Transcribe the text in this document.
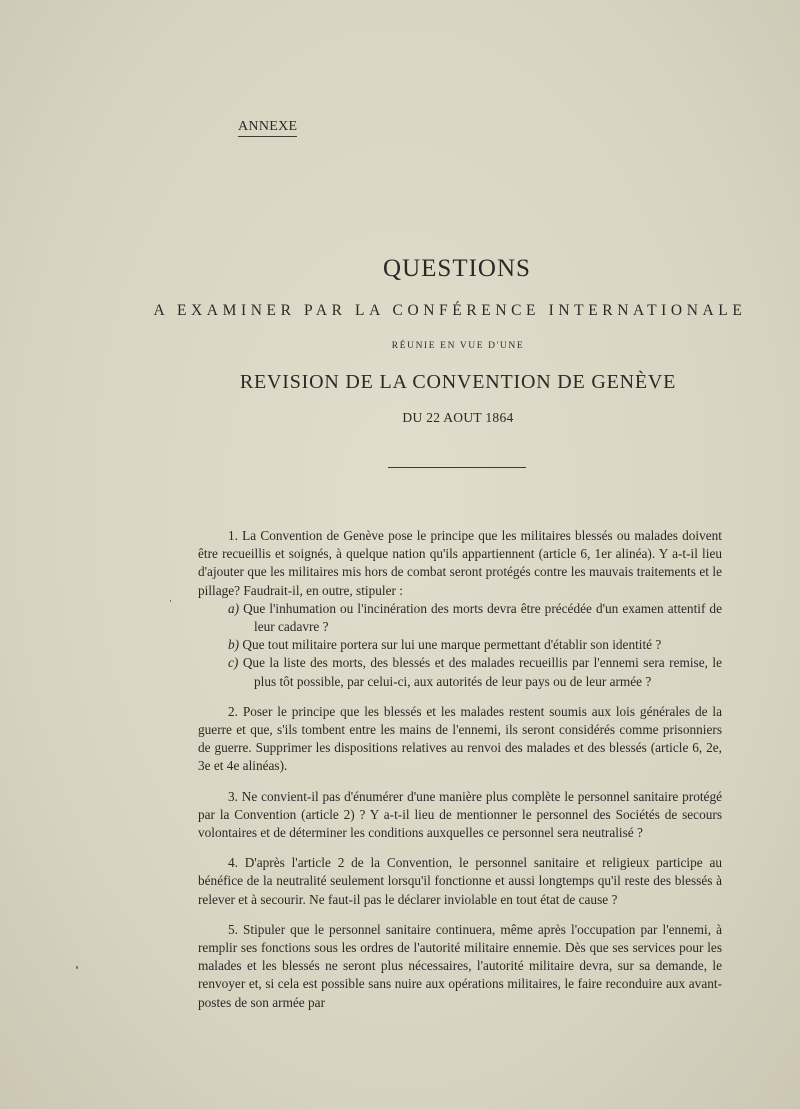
ANNEXE
QUESTIONS
A EXAMINER PAR LA CONFÉRENCE INTERNATIONALE
RÉUNIE EN VUE D'UNE
REVISION DE LA CONVENTION DE GENÈVE
DU 22 AOUT 1864

1. La Convention de Genève pose le principe que les militaires blessés ou malades doivent être recueillis et soignés, à quelque nation qu'ils appartiennent (article 6, 1er alinéa). Y a-t-il lieu d'ajouter que les militaires mis hors de combat seront protégés contre les mauvais traitements et le pillage? Faudrait-il, en outre, stipuler :

a) Que l'inhumation ou l'incinération des morts devra être précédée d'un examen attentif de leur cadavre ?

b) Que tout militaire portera sur lui une marque permettant d'établir son identité ?

c) Que la liste des morts, des blessés et des malades recueillis par l'ennemi sera remise, le plus tôt possible, par celui-ci, aux autorités de leur pays ou de leur armée ?

2. Poser le principe que les blessés et les malades restent soumis aux lois générales de la guerre et que, s'ils tombent entre les mains de l'ennemi, ils seront considérés comme prisonniers de guerre. Supprimer les dispositions relatives au renvoi des malades et des blessés (article 6, 2e, 3e et 4e alinéas).

3. Ne convient-il pas d'énumérer d'une manière plus complète le personnel sanitaire protégé par la Convention (article 2) ? Y a-t-il lieu de mentionner le personnel des Sociétés de secours volontaires et de déterminer les conditions auxquelles ce personnel sera neutralisé ?

4. D'après l'article 2 de la Convention, le personnel sanitaire et religieux participe au bénéfice de la neutralité seulement lorsqu'il fonctionne et aussi longtemps qu'il reste des blessés à relever et à secourir. Ne faut-il pas le déclarer inviolable en tout état de cause ?

5. Stipuler que le personnel sanitaire continuera, même après l'occupation par l'ennemi, à remplir ses fonctions sous les ordres de l'autorité militaire ennemie. Dès que ses services pour les malades et les blessés ne seront plus nécessaires, l'autorité militaire devra, sur sa demande, le renvoyer et, si cela est possible sans nuire aux opérations militaires, le faire reconduire aux avant-postes de son armée par
